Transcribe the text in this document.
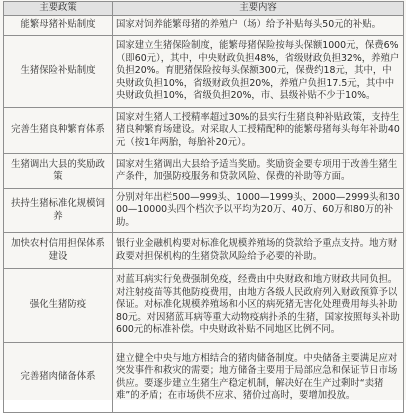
主要政策	主要内容
能繁母猪补贴制度	国家对饲养能繁母猪的养殖户（场）给予补贴每头50元的补贴。
生猪保险补贴制度	国家建立生猪保险制度，能繁母猪保险按每头保额1000元，保费6%（即60元），其中，中央财政负担48%，省级财政负担32%，养殖户负担20%。育肥猪保险按每头保额300元，保费约18元，其中，中央财政负担10%，省级财政负担20%，养殖户负担17.5元，其中中央财政负担10%，省级负担20%，市、县级补贴不少于10%。
完善生猪良种繁育体系	国家对生猪人工授精率超过30%的县实行生猪良种补贴政策，支持生猪良种繁育场建设。对采取人工授精配种的能繁母猪每头每年补助40元（按1年两胎，每胎补20元）。
生猪调出大县的奖励政策	国家对生猪调出大县给予适当奖励。奖励资金要专项用于改善生猪生产条件，加强防疫服务和贷款风险、保费的补助等方面。
扶持生猪标准化规模饲养	分别对年出栏500—999头、1000—1999头、2000—2999头和3000—10000头四个档次予以平均为20万、40万、60万和80万的补助。
加快农村信用担保体系建设	银行业金融机构要对标准化规模养殖场的贷款给予重点支持。地方财政要对担保机构的生猪贷款风险给予必要的补助。
强化生猪防疫	对蓝耳病实行免费强制免疫，经费由中央财政和地方财政共同负担。对注射疫苗等其他防疫费用，由地方各级人民政府列入财政预算予以保证。对标准化规模养殖场和小区的病死猪无害化处理费用每头补助80元。对因猪蓝耳病等重大动物疫病扑杀的生猪，国家按照每头补助600元的标准补偿。中央财政补贴不同地区比例不同。
完善猪肉储备体系	建立健全中央与地方相结合的猪肉储备制度。中央储备主要满足应对突发事件和救灾的需要；地方储备主要用于局部应急和保证节日市场供应。要逐步建立生猪生产稳定机制，解决好在生产过剩时“卖猪难”的矛盾；在市场供不应求、猪价过高时，要增加投放。
